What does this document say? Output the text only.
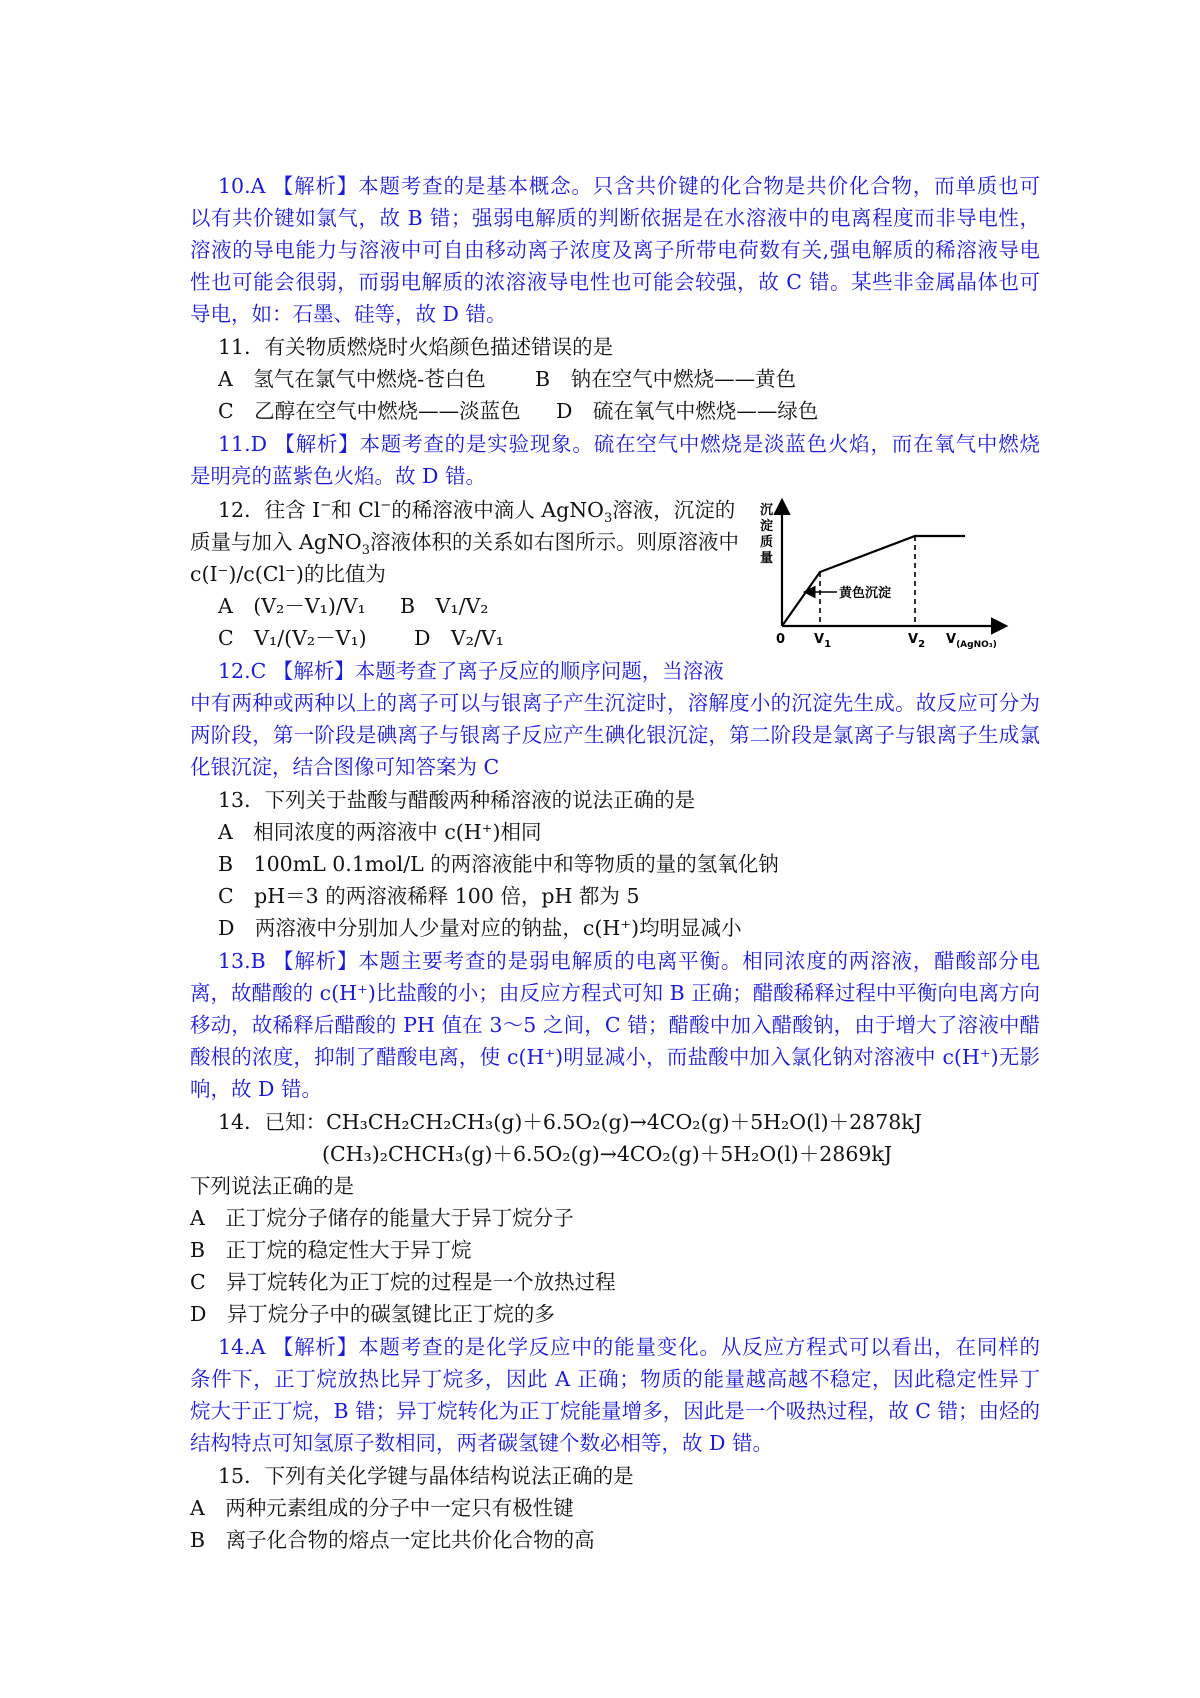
10.A 【解析】本题考查的是基本概念。只含共价键的化合物是共价化合物，而单质也可
以有共价键如氯气，故 B 错；强弱电解质的判断依据是在水溶液中的电离程度而非导电性，
溶液的导电能力与溶液中可自由移动离子浓度及离子所带电荷数有关,强电解质的稀溶液导电
性也可能会很弱，而弱电解质的浓溶液导电性也可能会较强，故 C 错。某些非金属晶体也可
导电，如：石墨、硅等，故 D 错。
11．有关物质燃烧时火焰颜色描述错误的是
A　氢气在氯气中燃烧-苍白色 B　钠在空气中燃烧——黄色
C　乙醇在空气中燃烧——淡蓝色 D　硫在氧气中燃烧——绿色
11.D 【解析】本题考查的是实验现象。硫在空气中燃烧是淡蓝色火焰，而在氧气中燃烧
是明亮的蓝紫色火焰。故 D 错。
12．往含 I−和 Cl−的稀溶液中滴人 AgNO$_3$溶液，沉淀的
质量与加入 AgNO$_3$溶液体积的关系如右图所示。则原溶液中
c(I⁻)/c(Cl⁻)的比值为
A　(V₂－V₁)/V₁ B　V₁/V₂
C　V₁/(V₂－V₁) D　V₂/V₁
12.C 【解析】本题考查了离子反应的顺序问题，当溶液
中有两种或两种以上的离子可以与银离子产生沉淀时，溶解度小的沉淀先生成。故反应可分为
两阶段，第一阶段是碘离子与银离子反应产生碘化银沉淀，第二阶段是氯离子与银离子生成氯
化银沉淀，结合图像可知答案为 C
沉
淀
质
量
黄色沉淀
0 $V_1$	$V_2$ $V_{(AgNO_3)}$
13．下列关于盐酸与醋酸两种稀溶液的说法正确的是
A　相同浓度的两溶液中 c(H⁺)相同
B　100mL 0.1mol/L 的两溶液能中和等物质的量的氢氧化钠
C　pH＝3 的两溶液稀释 100 倍，pH 都为 5
D　两溶液中分别加人少量对应的钠盐，c(H⁺)均明显减小
13.B 【解析】本题主要考查的是弱电解质的电离平衡。相同浓度的两溶液，醋酸部分电
离，故醋酸的 c(H⁺)比盐酸的小；由反应方程式可知 B 正确；醋酸稀释过程中平衡向电离方向
移动，故稀释后醋酸的 PH 值在 3～5 之间，C 错；醋酸中加入醋酸钠，由于增大了溶液中醋
酸根的浓度，抑制了醋酸电离，使 c(H⁺)明显减小，而盐酸中加入氯化钠对溶液中 c(H⁺)无影
响，故 D 错。
14．已知：CH₃CH₂CH₂CH₃(g)＋6.5O₂(g)→4CO₂(g)＋5H₂O(l)＋2878kJ
(CH₃)₂CHCH₃(g)＋6.5O₂(g)→4CO₂(g)＋5H₂O(l)＋2869kJ
下列说法正确的是
A　正丁烷分子储存的能量大于异丁烷分子
B　正丁烷的稳定性大于异丁烷
C　异丁烷转化为正丁烷的过程是一个放热过程
D　异丁烷分子中的碳氢键比正丁烷的多
14.A 【解析】本题考查的是化学反应中的能量变化。从反应方程式可以看出，在同样的
条件下，正丁烷放热比异丁烷多，因此 A 正确；物质的能量越高越不稳定，因此稳定性异丁
烷大于正丁烷，B 错；异丁烷转化为正丁烷能量增多，因此是一个吸热过程，故 C 错；由烃的
结构特点可知氢原子数相同，两者碳氢键个数必相等，故 D 错。
15．下列有关化学键与晶体结构说法正确的是
A　两种元素组成的分子中一定只有极性键
B　离子化合物的熔点一定比共价化合物的高
